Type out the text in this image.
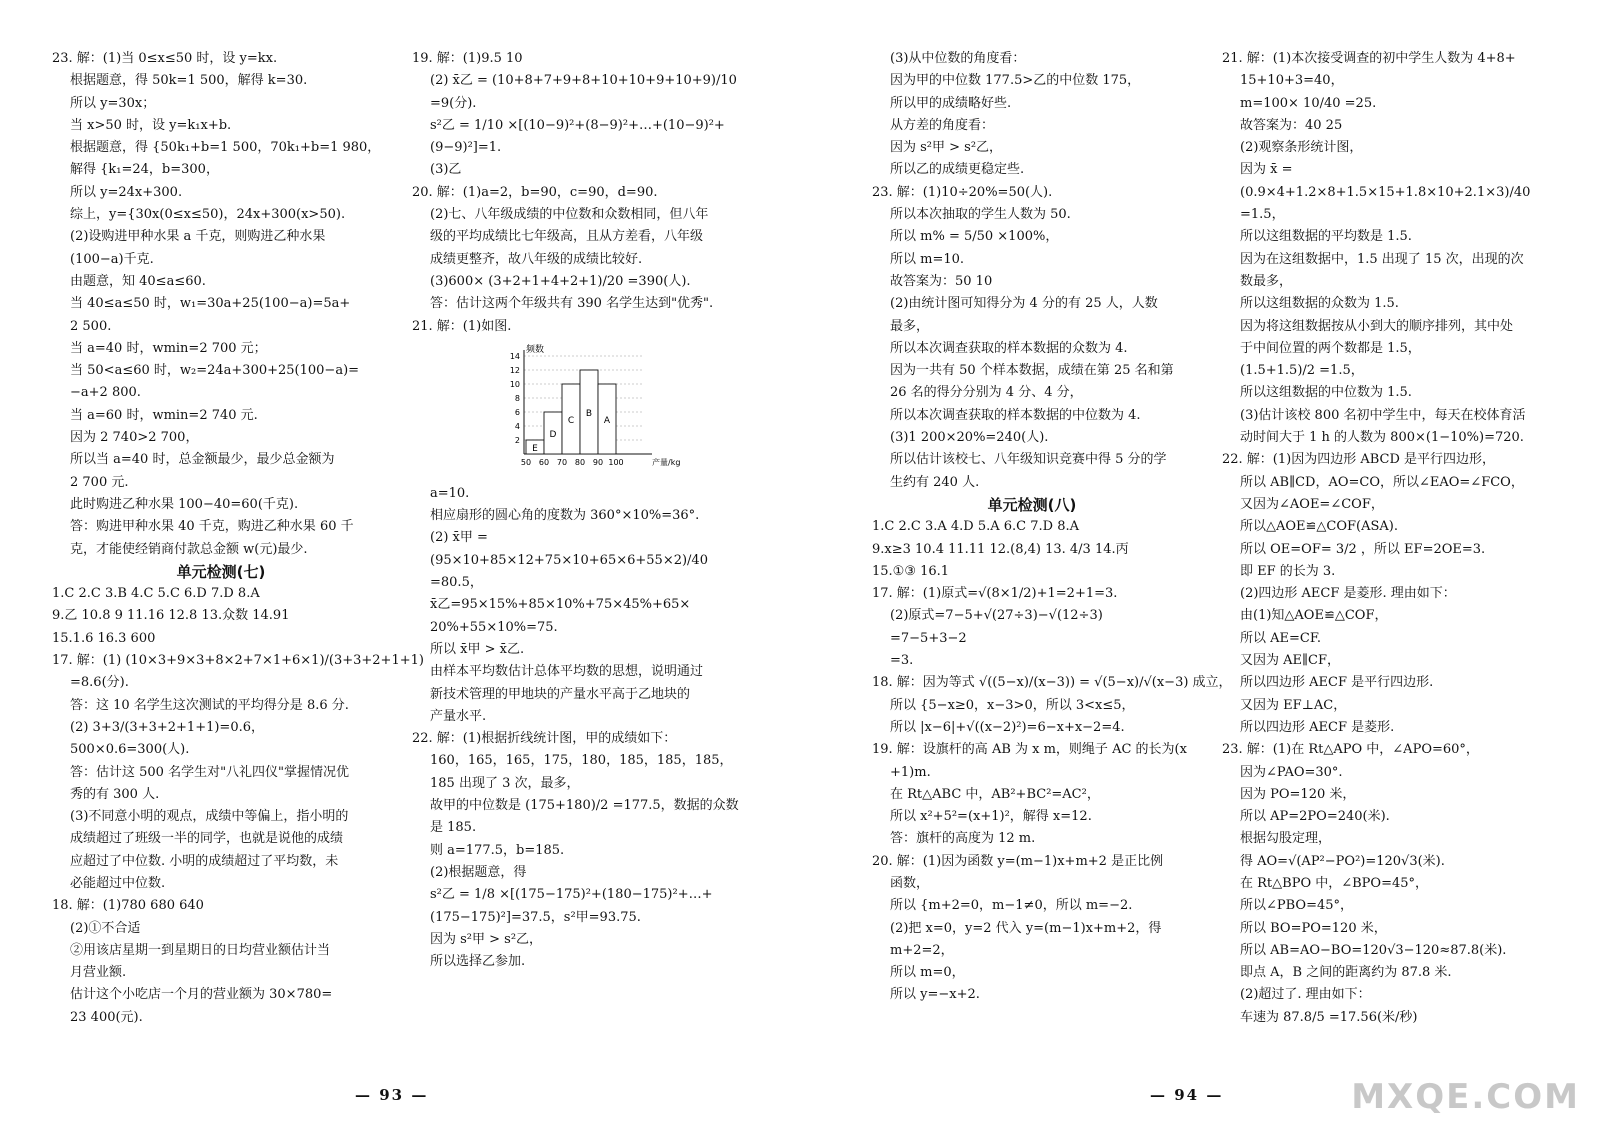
23. 解：(1)当 0≤x≤50 时，设 y=kx.
根据题意，得 50k=1 500，解得 k=30.
所以 y=30x；
当 x>50 时，设 y=k₁x+b.
根据题意，得 {50k₁+b=1 500，70k₁+b=1 980，
解得 {k₁=24，b=300，
所以 y=24x+300.
综上，y={30x(0≤x≤50)，24x+300(x>50).
(2)设购进甲种水果 a 千克，则购进乙种水果
(100−a)千克.
由题意，知 40≤a≤60.
当 40≤a≤50 时，w₁=30a+25(100−a)=5a+
2 500.
当 a=40 时，wmin=2 700 元；
当 50<a≤60 时，w₂=24a+300+25(100−a)=
−a+2 800.
当 a=60 时，wmin=2 740 元.
因为 2 740>2 700，
所以当 a=40 时，总金额最少，最少总金额为
2 700 元.
此时购进乙种水果 100−40=60(千克).
答：购进甲种水果 40 千克，购进乙种水果 60 千
克，才能使经销商付款总金额 w(元)最少.
单元检测(七)
1.C 2.C 3.B 4.C 5.C 6.D 7.D 8.A
9.乙 10.8 9 11.16 12.8 13.众数 14.91
15.1.6 16.3 600
17. 解：(1) (10×3+9×3+8×2+7×1+6×1)/(3+3+2+1+1)
=8.6(分).
答：这 10 名学生这次测试的平均得分是 8.6 分.
(2) 3+3/(3+3+2+1+1)=0.6，
500×0.6=300(人).
答：估计这 500 名学生对"八礼四仪"掌握情况优
秀的有 300 人.
(3)不同意小明的观点，成绩中等偏上，指小明的
成绩超过了班级一半的同学，也就是说他的成绩
应超过了中位数. 小明的成绩超过了平均数，未
必能超过中位数.
18. 解：(1)780 680 640
(2)①不合适
②用该店星期一到星期日的日均营业额估计当
月营业额.
估计这个小吃店一个月的营业额为 30×780=
23 400(元).
19. 解：(1)9.5 10
(2) x̄乙 = (10+8+7+9+8+10+10+9+10+9)/10
=9(分).
s²乙 = 1/10 ×[(10−9)²+(8−9)²+…+(10−9)²+
(9−9)²]=1.
(3)乙
20. 解：(1)a=2，b=90，c=90，d=90.
(2)七、八年级成绩的中位数和众数相同，但八年
级的平均成绩比七年级高，且从方差看，八年级
成绩更整齐，故八年级的成绩比较好.
(3)600× (3+2+1+4+2+1)/20 =390(人).
答：估计这两个年级共有 390 名学生达到"优秀".
21. 解：(1)如图.
14
12
10
8
6
4
2
频数
E
D
C
B
A
50 60 70 80 90 100	产量/kg
a=10.
相应扇形的圆心角的度数为 360°×10%=36°.
(2) x̄甲 =
(95×10+85×12+75×10+65×6+55×2)/40
=80.5，
x̄乙=95×15%+85×10%+75×45%+65×
20%+55×10%=75.
所以 x̄甲 > x̄乙.
由样本平均数估计总体平均数的思想，说明通过
新技术管理的甲地块的产量水平高于乙地块的
产量水平.
22. 解：(1)根据折线统计图，甲的成绩如下：
160，165，165，175，180，185，185，185，
185 出现了 3 次，最多，
故甲的中位数是 (175+180)/2 =177.5，数据的众数
是 185.
则 a=177.5，b=185.
(2)根据题意，得
s²乙 = 1/8 ×[(175−175)²+(180−175)²+…+
(175−175)²]=37.5，s²甲=93.75.
因为 s²甲 > s²乙，
所以选择乙参加.
(3)从中位数的角度看：
因为甲的中位数 177.5>乙的中位数 175，
所以甲的成绩略好些.
从方差的角度看：
因为 s²甲 > s²乙，
所以乙的成绩更稳定些.
23. 解：(1)10÷20%=50(人).
所以本次抽取的学生人数为 50.
所以 m% = 5/50 ×100%，
所以 m=10.
故答案为：50 10
(2)由统计图可知得分为 4 分的有 25 人，人数
最多，
所以本次调查获取的样本数据的众数为 4.
因为一共有 50 个样本数据，成绩在第 25 名和第
26 名的得分分别为 4 分、4 分，
所以本次调查获取的样本数据的中位数为 4.
(3)1 200×20%=240(人).
所以估计该校七、八年级知识竞赛中得 5 分的学
生约有 240 人.
单元检测(八)
1.C 2.C 3.A 4.D 5.A 6.C 7.D 8.A
9.x≥3 10.4 11.11 12.(8,4) 13. 4/3 14.丙
15.①③ 16.1
17. 解：(1)原式=√(8×1/2)+1=2+1=3.
(2)原式=7−5+√(27÷3)−√(12÷3)
=7−5+3−2
=3.
18. 解：因为等式 √((5−x)/(x−3)) = √(5−x)/√(x−3) 成立，
所以 {5−x≥0，x−3>0，所以 3<x≤5，
所以 |x−6|+√((x−2)²)=6−x+x−2=4.
19. 解：设旗杆的高 AB 为 x m，则绳子 AC 的长为(x
+1)m.
在 Rt△ABC 中，AB²+BC²=AC²，
所以 x²+5²=(x+1)²，解得 x=12.
答：旗杆的高度为 12 m.
20. 解：(1)因为函数 y=(m−1)x+m+2 是正比例
函数，
所以 {m+2=0，m−1≠0，所以 m=−2.
(2)把 x=0，y=2 代入 y=(m−1)x+m+2，得
m+2=2，
所以 m=0，
所以 y=−x+2.
21. 解：(1)本次接受调查的初中学生人数为 4+8+
15+10+3=40，
m=100× 10/40 =25.
故答案为：40 25
(2)观察条形统计图，
因为 x̄ =
(0.9×4+1.2×8+1.5×15+1.8×10+2.1×3)/40
=1.5，
所以这组数据的平均数是 1.5.
因为在这组数据中，1.5 出现了 15 次，出现的次
数最多，
所以这组数据的众数为 1.5.
因为将这组数据按从小到大的顺序排列，其中处
于中间位置的两个数都是 1.5，
(1.5+1.5)/2 =1.5，
所以这组数据的中位数为 1.5.
(3)估计该校 800 名初中学生中，每天在校体育活
动时间大于 1 h 的人数为 800×(1−10%)=720.
22. 解：(1)因为四边形 ABCD 是平行四边形，
所以 AB∥CD，AO=CO，所以∠EAO=∠FCO，
又因为∠AOE=∠COF，
所以△AOE≌△COF(ASA).
所以 OE=OF= 3/2 ，所以 EF=2OE=3.
即 EF 的长为 3.
(2)四边形 AECF 是菱形. 理由如下：
由(1)知△AOE≌△COF，
所以 AE=CF.
又因为 AE∥CF，
所以四边形 AECF 是平行四边形.
又因为 EF⊥AC，
所以四边形 AECF 是菱形.
23. 解：(1)在 Rt△APO 中，∠APO=60°，
因为∠PAO=30°.
因为 PO=120 米，
所以 AP=2PO=240(米).
根据勾股定理，
得 AO=√(AP²−PO²)=120√3(米).
在 Rt△BPO 中，∠BPO=45°，
所以∠PBO=45°，
所以 BO=PO=120 米，
所以 AB=AO−BO=120√3−120≈87.8(米).
即点 A，B 之间的距离约为 87.8 米.
(2)超过了. 理由如下：
车速为 87.8/5 =17.56(米/秒)
— 93 —	— 94 —	MXQE.COM
